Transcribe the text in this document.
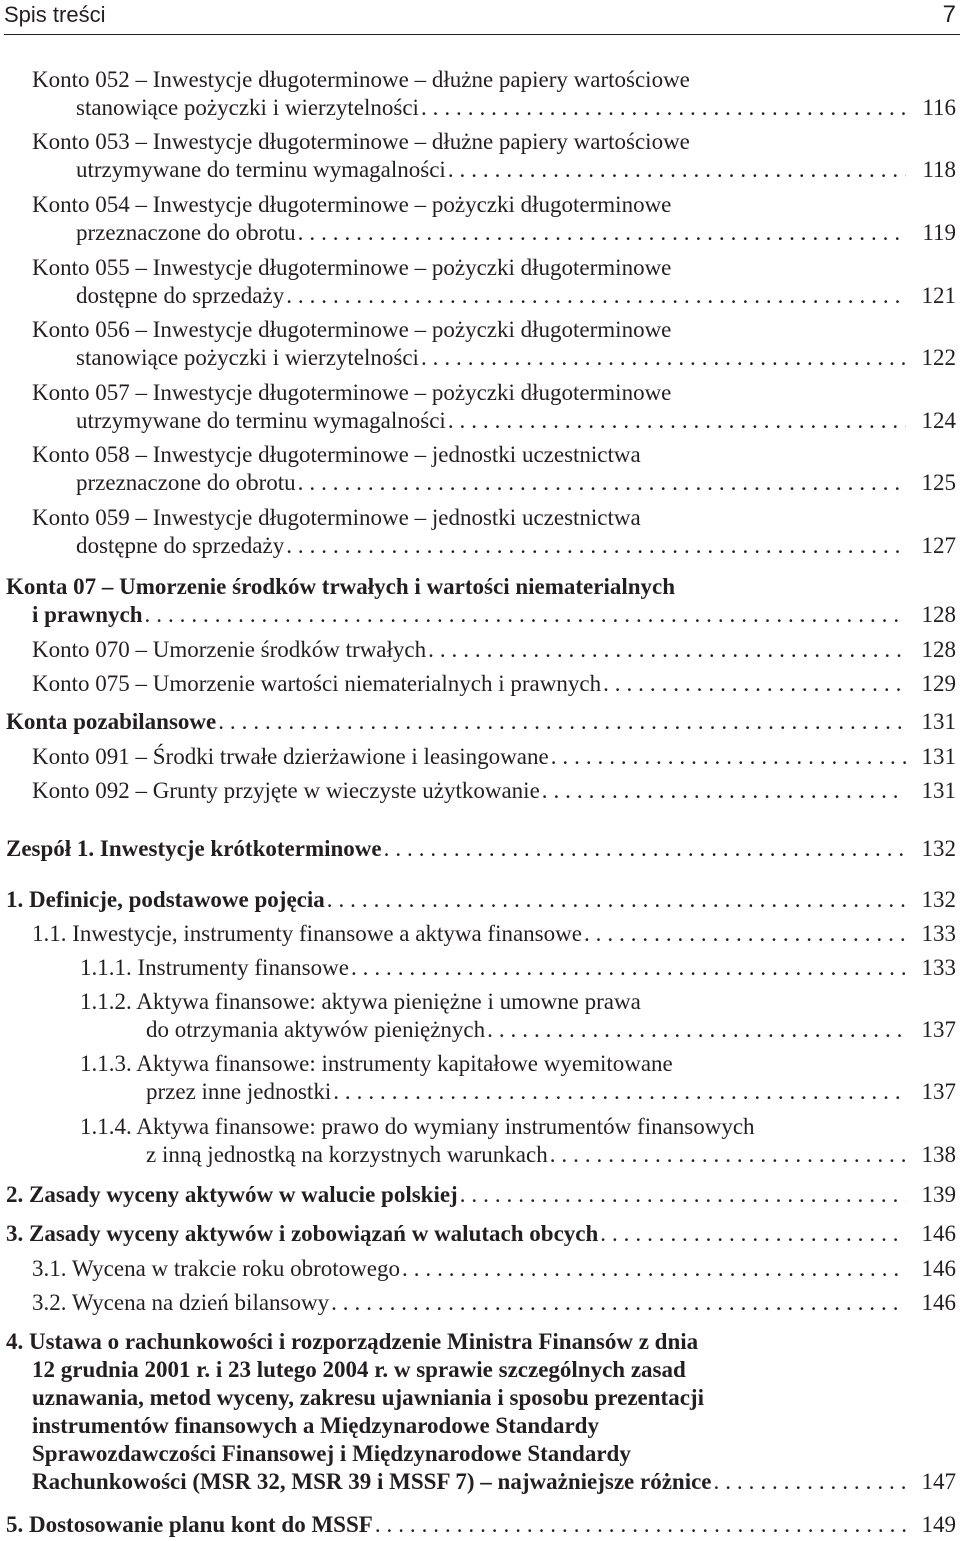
Spis treści	7
Konto 052 – Inwestycje długoterminowe – dłużne papiery wartościowe
stanowiące pożyczki i wierzytelności . . .	116
Konto 053 – Inwestycje długoterminowe – dłużne papiery wartościowe
utrzymywane do terminu wymagalności . . .	118
Konto 054 – Inwestycje długoterminowe – pożyczki długoterminowe
przeznaczone do obrotu . . .	119
Konto 055 – Inwestycje długoterminowe – pożyczki długoterminowe
dostępne do sprzedaży . . .	121
Konto 056 – Inwestycje długoterminowe – pożyczki długoterminowe
stanowiące pożyczki i wierzytelności . . .	122
Konto 057 – Inwestycje długoterminowe – pożyczki długoterminowe
utrzymywane do terminu wymagalności . . .	124
Konto 058 – Inwestycje długoterminowe – jednostki uczestnictwa
przeznaczone do obrotu . . .	125
Konto 059 – Inwestycje długoterminowe – jednostki uczestnictwa
dostępne do sprzedaży . . .	127
Konta 07 – Umorzenie środków trwałych i wartości niematerialnych
i prawnych . . .	128
Konto 070 – Umorzenie środków trwałych . . .	128
Konto 075 – Umorzenie wartości niematerialnych i prawnych . . .	129
Konta pozabilansowe . . .	131
Konto 091 – Środki trwałe dzierżawione i leasingowane . . .	131
Konto 092 – Grunty przyjęte w wieczyste użytkowanie . . .	131
Zespół 1. Inwestycje krótkoterminowe . . .	132
1. Definicje, podstawowe pojęcia . . .	132
1.1. Inwestycje, instrumenty finansowe a aktywa finansowe . . .	133
1.1.1. Instrumenty finansowe . . .	133
1.1.2. Aktywa finansowe: aktywa pieniężne i umowne prawa
do otrzymania aktywów pieniężnych . . .	137
1.1.3. Aktywa finansowe: instrumenty kapitałowe wyemitowane
przez inne jednostki . . .	137
1.1.4. Aktywa finansowe: prawo do wymiany instrumentów finansowych
z inną jednostką na korzystnych warunkach . . .	138
2. Zasady wyceny aktywów w walucie polskiej . . .	139
3. Zasady wyceny aktywów i zobowiązań w walutach obcych . . .	146
3.1. Wycena w trakcie roku obrotowego . . .	146
3.2. Wycena na dzień bilansowy . . .	146
4. Ustawa o rachunkowości i rozporządzenie Ministra Finansów z dnia
12 grudnia 2001 r. i 23 lutego 2004 r. w sprawie szczególnych zasad
uznawania, metod wyceny, zakresu ujawniania i sposobu prezentacji
instrumentów finansowych a Międzynarodowe Standardy
Sprawozdawczości Finansowej i Międzynarodowe Standardy
Rachunkowości (MSR 32, MSR 39 i MSSF 7) – najważniejsze różnice . . .	147
5. Dostosowanie planu kont do MSSF . . .	149
